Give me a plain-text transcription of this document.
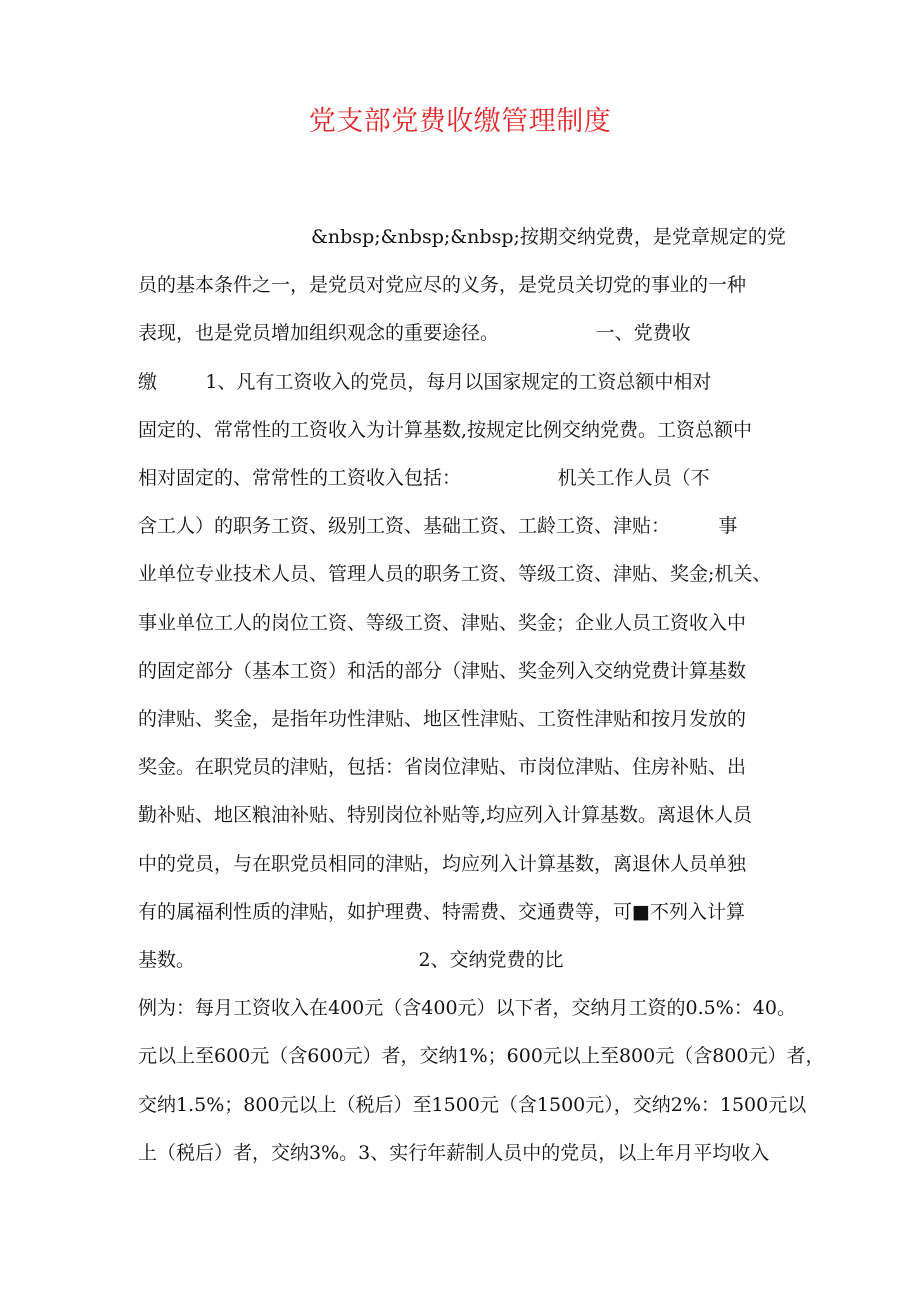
党支部党费收缴管理制度
&nbsp;&nbsp;&nbsp;按期交纳党费，是党章规定的党
员的基本条件之一，是党员对党应尽的义务，是党员关切党的事业的一种
表现，也是党员增加组织观念的重要途径。                一、党费收
缴        1、凡有工资收入的党员，每月以国家规定的工资总额中相对
固定的、常常性的工资收入为计算基数,按规定比例交纳党费。工资总额中
相对固定的、常常性的工资收入包括：                机关工作人员（不
含工人）的职务工资、级别工资、基础工资、工龄工资、津贴：        事
业单位专业技术人员、管理人员的职务工资、等级工资、津贴、奖金;机关、
事业单位工人的岗位工资、等级工资、津贴、奖金；企业人员工资收入中
的固定部分（基本工资）和活的部分（津贴、奖金列入交纳党费计算基数
的津贴、奖金，是指年功性津贴、地区性津贴、工资性津贴和按月发放的
奖金。在职党员的津贴，包括：省岗位津贴、市岗位津贴、住房补贴、出
勤补贴、地区粮油补贴、特别岗位补贴等,均应列入计算基数。离退休人员
中的党员，与在职党员相同的津贴，均应列入计算基数，离退休人员单独
有的属福利性质的津贴，如护理费、特需费、交通费等，可■不列入计算
基数。                                     2、交纳党费的比
例为：每月工资收入在400元（含400元）以下者，交纳月工资的0.5%：40。
元以上至600元（含600元）者，交纳1%；600元以上至800元（含800元）者，
交纳1.5%；800元以上（税后）至1500元（含1500元），交纳2%：1500元以
上（税后）者，交纳3%。3、实行年薪制人员中的党员，以上年月平均收入
